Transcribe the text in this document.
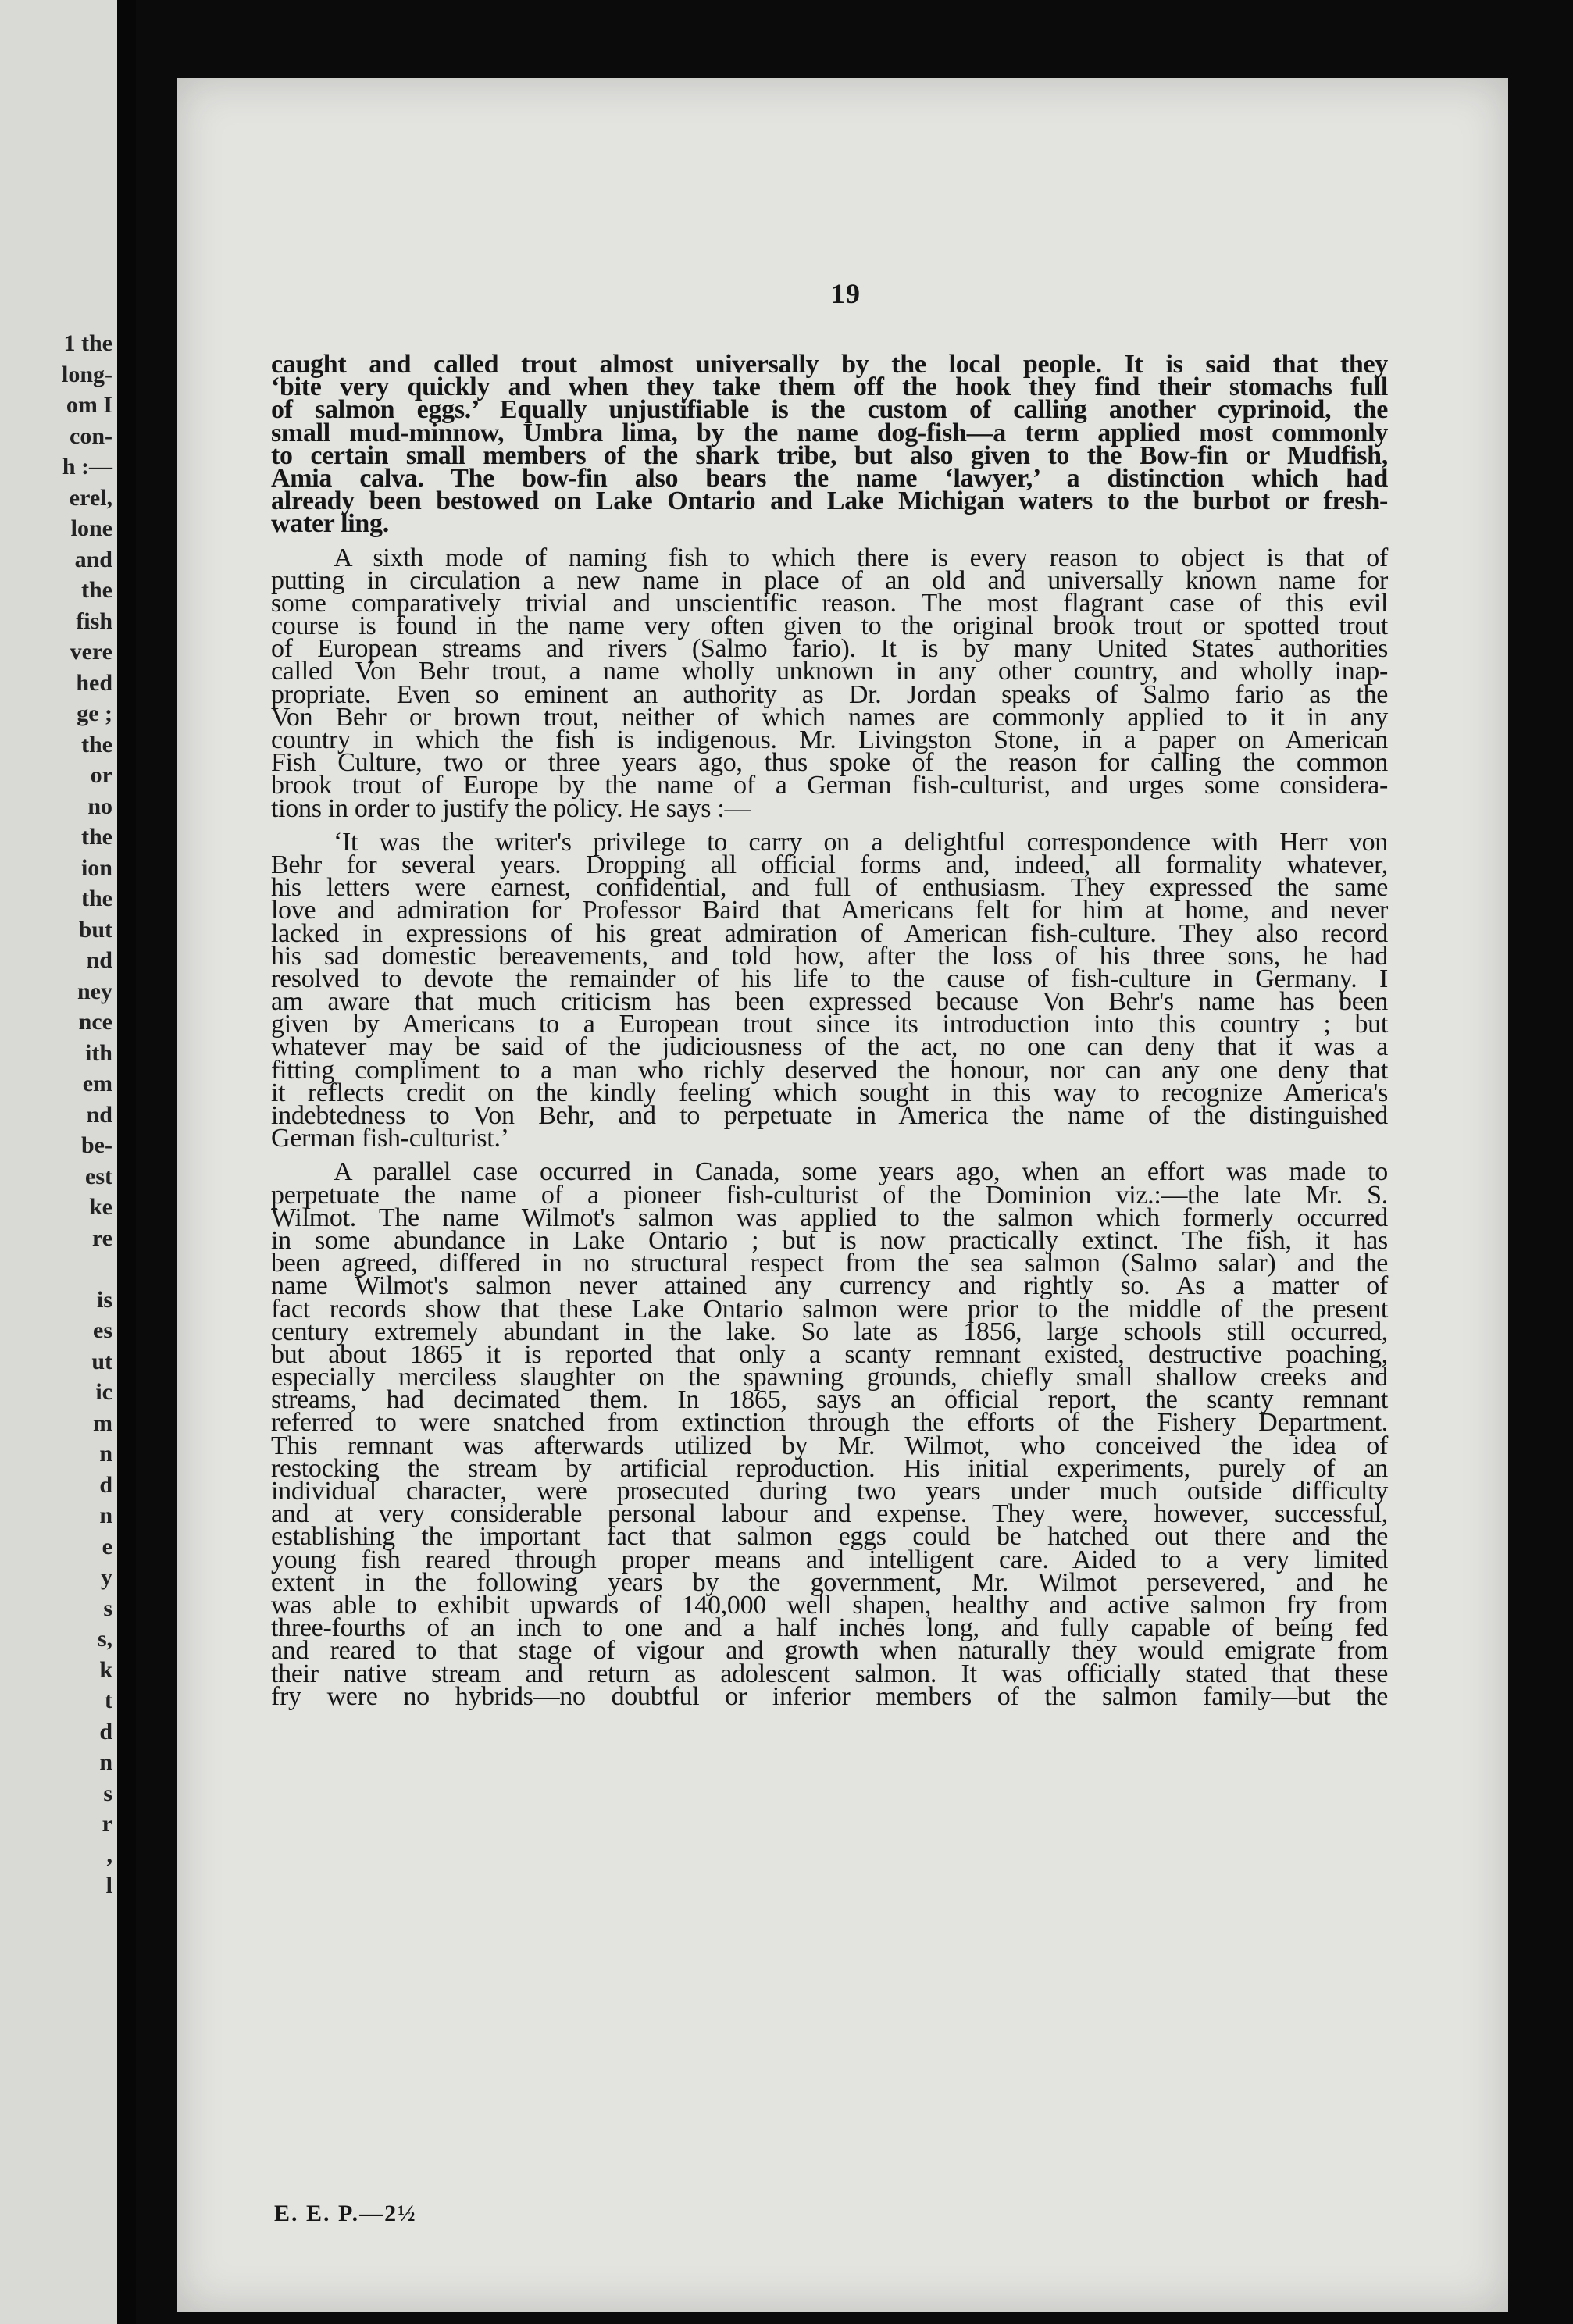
1 the
long-
om I
con-
h :—
erel,
lone
and
the
fish
vere
hed
ge ;
the
or
no
the
ion
the
but
nd
ney
nce
ith
em
nd
be-
est
ke
re
is
es
ut
ic
m
n
d
n
e
y
s
s,
k
t
d
n
s
r
,
l
19
caught and called trout almost universally by the local people. It is said that they
‘bite very quickly and when they take them off the hook they find their stomachs full
of salmon eggs.’ Equally unjustifiable is the custom of calling another cyprinoid, the
small mud-minnow, Umbra lima, by the name dog-fish—a term applied most commonly
to certain small members of the shark tribe, but also given to the Bow-fin or Mudfish,
Amia calva. The bow-fin also bears the name ‘lawyer,’ a distinction which had
already been bestowed on Lake Ontario and Lake Michigan waters to the burbot or fresh-
water ling.
A sixth mode of naming fish to which there is every reason to object is that of
putting in circulation a new name in place of an old and universally known name for
some comparatively trivial and unscientific reason. The most flagrant case of this evil
course is found in the name very often given to the original brook trout or spotted trout
of European streams and rivers (Salmo fario). It is by many United States authorities
called Von Behr trout, a name wholly unknown in any other country, and wholly inap-
propriate. Even so eminent an authority as Dr. Jordan speaks of Salmo fario as the
Von Behr or brown trout, neither of which names are commonly applied to it in any
country in which the fish is indigenous. Mr. Livingston Stone, in a paper on American
Fish Culture, two or three years ago, thus spoke of the reason for calling the common
brook trout of Europe by the name of a German fish-culturist, and urges some considera-
tions in order to justify the policy. He says :—
‘It was the writer's privilege to carry on a delightful correspondence with Herr von
Behr for several years. Dropping all official forms and, indeed, all formality whatever,
his letters were earnest, confidential, and full of enthusiasm. They expressed the same
love and admiration for Professor Baird that Americans felt for him at home, and never
lacked in expressions of his great admiration of American fish-culture. They also record
his sad domestic bereavements, and told how, after the loss of his three sons, he had
resolved to devote the remainder of his life to the cause of fish-culture in Germany. I
am aware that much criticism has been expressed because Von Behr's name has been
given by Americans to a European trout since its introduction into this country ; but
whatever may be said of the judiciousness of the act, no one can deny that it was a
fitting compliment to a man who richly deserved the honour, nor can any one deny that
it reflects credit on the kindly feeling which sought in this way to recognize America's
indebtedness to Von Behr, and to perpetuate in America the name of the distinguished
German fish-culturist.’
A parallel case occurred in Canada, some years ago, when an effort was made to
perpetuate the name of a pioneer fish-culturist of the Dominion viz.:—the late Mr. S.
Wilmot. The name Wilmot's salmon was applied to the salmon which formerly occurred
in some abundance in Lake Ontario ; but is now practically extinct. The fish, it has
been agreed, differed in no structural respect from the sea salmon (Salmo salar) and the
name Wilmot's salmon never attained any currency and rightly so. As a matter of
fact records show that these Lake Ontario salmon were prior to the middle of the present
century extremely abundant in the lake. So late as 1856, large schools still occurred,
but about 1865 it is reported that only a scanty remnant existed, destructive poaching,
especially merciless slaughter on the spawning grounds, chiefly small shallow creeks and
streams, had decimated them. In 1865, says an official report, the scanty remnant
referred to were snatched from extinction through the efforts of the Fishery Department.
This remnant was afterwards utilized by Mr. Wilmot, who conceived the idea of
restocking the stream by artificial reproduction. His initial experiments, purely of an
individual character, were prosecuted during two years under much outside difficulty
and at very considerable personal labour and expense. They were, however, successful,
establishing the important fact that salmon eggs could be hatched out there and the
young fish reared through proper means and intelligent care. Aided to a very limited
extent in the following years by the government, Mr. Wilmot persevered, and he
was able to exhibit upwards of 140,000 well shapen, healthy and active salmon fry from
three-fourths of an inch to one and a half inches long, and fully capable of being fed
and reared to that stage of vigour and growth when naturally they would emigrate from
their native stream and return as adolescent salmon. It was officially stated that these
fry were no hybrids—no doubtful or inferior members of the salmon family—but the
E. E. P.—2½
